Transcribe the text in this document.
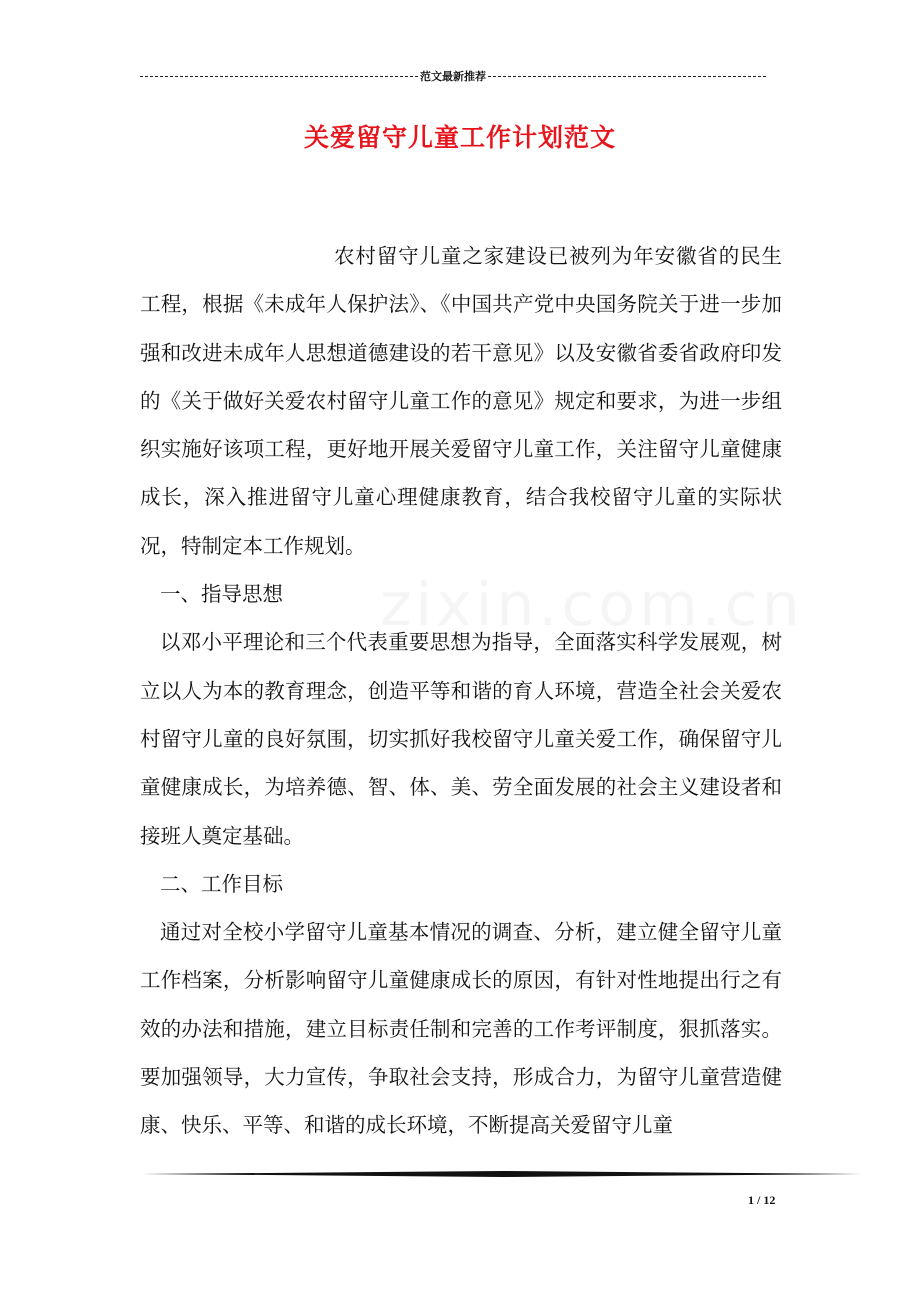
范文最新推荐
关爱留守儿童工作计划范文
zixin.com.cn

农村留守儿童之家建设已被列为年安徽省的民生工程，根据《未成年人保护法》、《中国共产党中央国务院关于进一步加强和改进未成年人思想道德建设的若干意见》以及安徽省委省政府印发的《关于做好关爱农村留守儿童工作的意见》规定和要求，为进一步组织实施好该项工程，更好地开展关爱留守儿童工作，关注留守儿童健康成长，深入推进留守儿童心理健康教育，结合我校留守儿童的实际状况，特制定本工作规划。

一、指导思想

以邓小平理论和三个代表重要思想为指导，全面落实科学发展观，树立以人为本的教育理念，创造平等和谐的育人环境，营造全社会关爱农村留守儿童的良好氛围，切实抓好我校留守儿童关爱工作，确保留守儿童健康成长，为培养德、智、体、美、劳全面发展的社会主义建设者和接班人奠定基础。

二、工作目标

通过对全校小学留守儿童基本情况的调查、分析，建立健全留守儿童工作档案，分析影响留守儿童健康成长的原因，有针对性地提出行之有效的办法和措施，建立目标责任制和完善的工作考评制度，狠抓落实。要加强领导，大力宣传，争取社会支持，形成合力，为留守儿童营造健康、快乐、平等、和谐的成长环境，不断提高关爱留守儿童

1 / 12
